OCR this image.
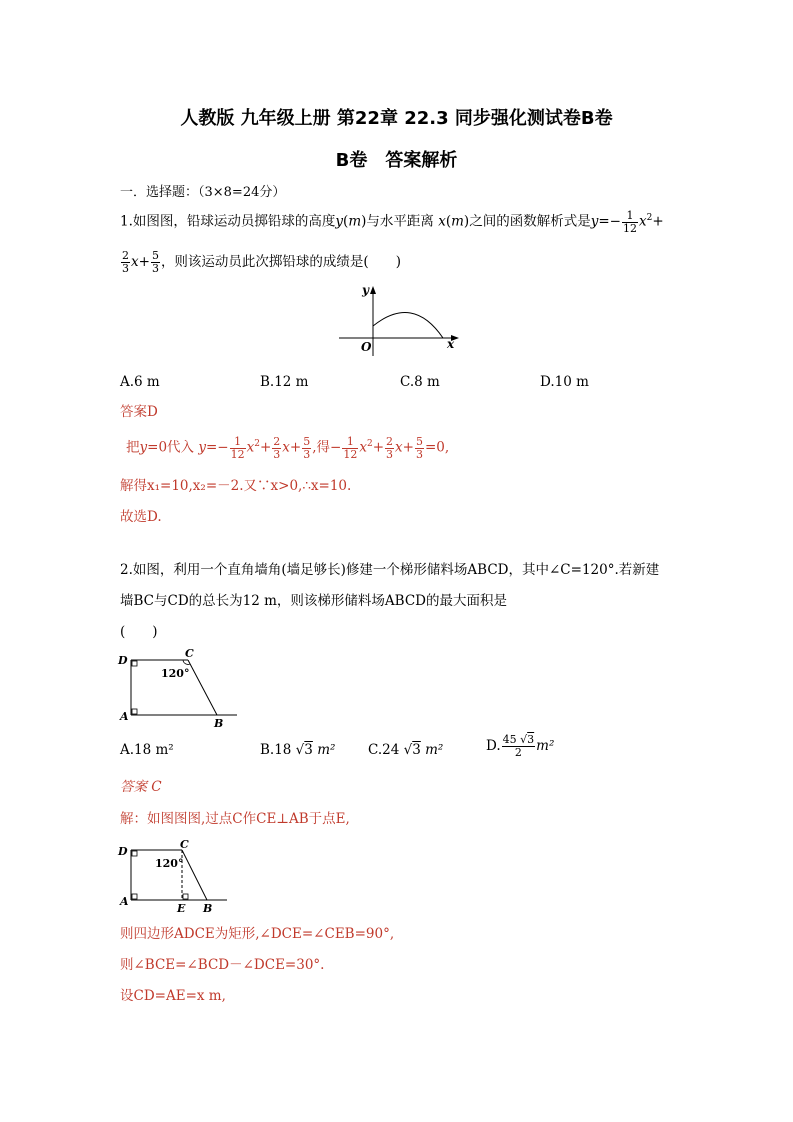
人教版 九年级上册 第22章 22.3 同步强化测试卷B卷
B卷　答案解析
一．选择题：（3×8=24分）
1.如图图，铅球运动员掷铅球的高度y(m)与水平距离 x(m)之间的函数解析式是$y=- \frac{1}{12} x^2+$
$\frac{2}{3} x+ \frac{5}{3}$ ，则该运动员此次掷铅球的成绩是(　　)
y
O	x
A.6 m	B.12 m	C.8 m	D.10 m
答案D
把y=0代入 $y=- \frac{1}{12} x^2+ \frac{2}{3} x+ \frac{5}{3}$ ,得− $\frac{1}{12} x^2+ \frac{2}{3} x+ \frac{5}{3} =0$,
解得x₁=10,x₂=－2.又∵x>0,∴x=10.
故选D.
2.如图，利用一个直角墙角(墙足够长)修建一个梯形储料场ABCD，其中∠C=120°.若新建
墙BC与CD的总长为12 m，则该梯形储料场ABCD的最大面积是
(　　)
D
C
A
B
120°
A.18 m²	B.18 √3 m² C.24 √3 m²	D. $\frac{45 √3}{2} m^2$
答案 C
解：如图图图,过点C作CE⊥AB于点E,
D
C
A
E B
120°
则四边形ADCE为矩形,∠DCE=∠CEB=90°,
则∠BCE=∠BCD－∠DCE=30°.
设CD=AE=x m,
